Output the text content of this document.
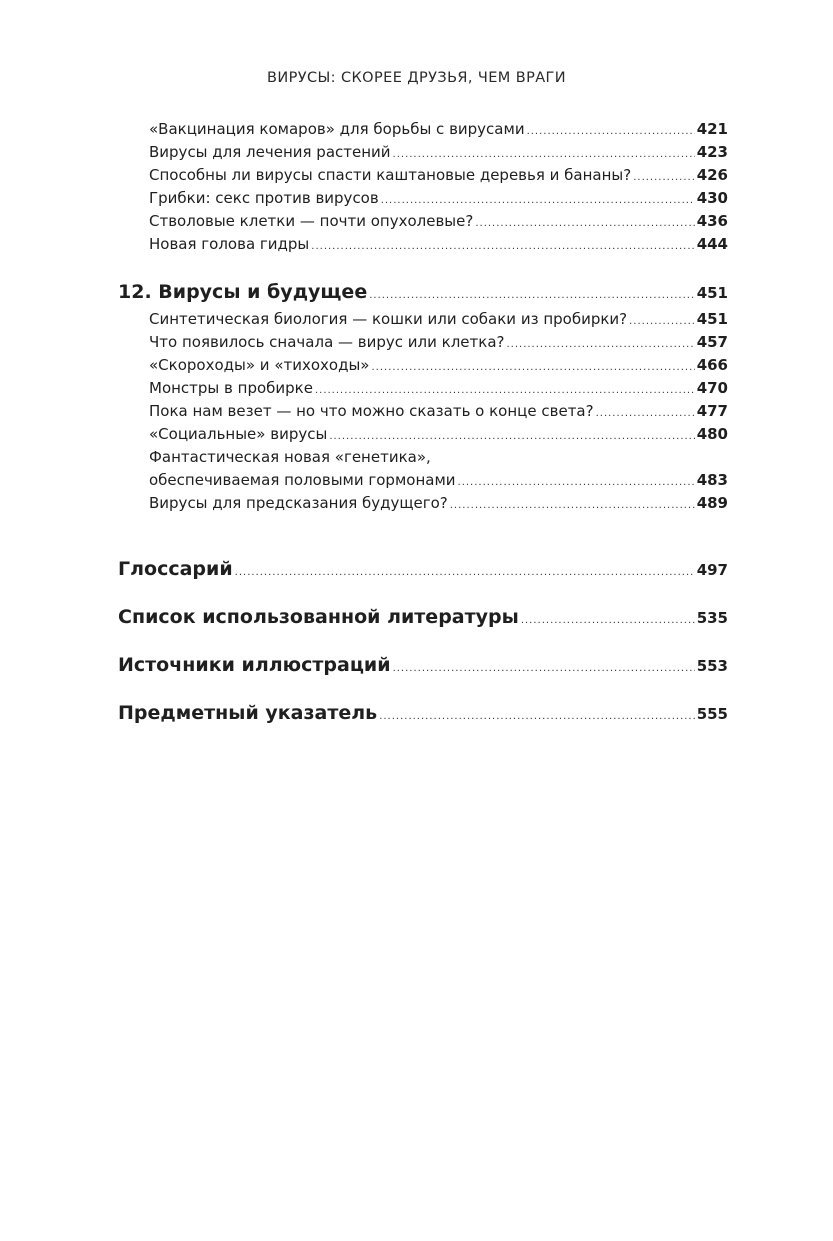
ВИРУСЫ: СКОРЕЕ ДРУЗЬЯ, ЧЕМ ВРАГИ
«Вакцинация комаров» для борьбы с вирусами .....	421
Вирусы для лечения растений .....	423
Способны ли вирусы спасти каштановые деревья и бананы? .....	426
Грибки: секс против вирусов .....	430
Стволовые клетки — почти опухолевые? .....	436
Новая голова гидры .....	444
12. Вирусы и будущее .....	451
Синтетическая биология — кошки или собаки из пробирки? .....	451
Что появилось сначала — вирус или клетка? .....	457
«Скороходы» и «тихоходы» .....	466
Монстры в пробирке .....	470
Пока нам везет — но что можно сказать о конце света? .....	477
«Социальные» вирусы .....	480
Фантастическая новая «генетика»,
обеспечиваемая половыми гормонами .....	483
Вирусы для предсказания будущего? .....	489
Глоссарий .....	497
Список использованной литературы .....	535
Источники иллюстраций .....	553
Предметный указатель .....	555
